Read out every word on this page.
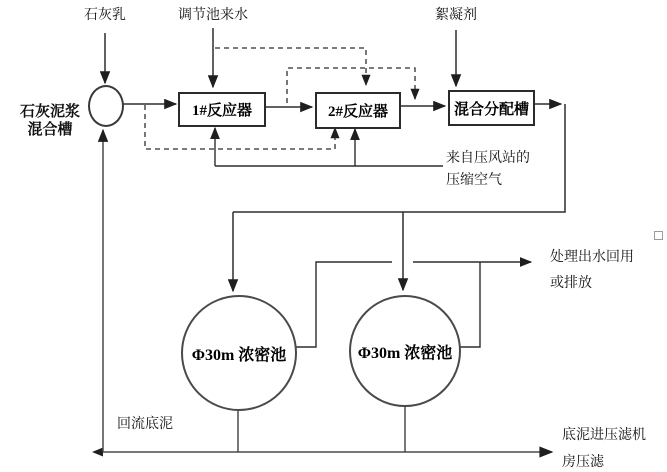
石灰泥浆
混合槽
1#反应器	2#反应器	混合分配槽
Φ30m 浓密池	Φ30m 浓密池
石灰乳	调节池来水	絮凝剂
来自压风站的
压缩空气
处理出水回用
或排放
回流底泥
底泥进压滤机
房压滤
